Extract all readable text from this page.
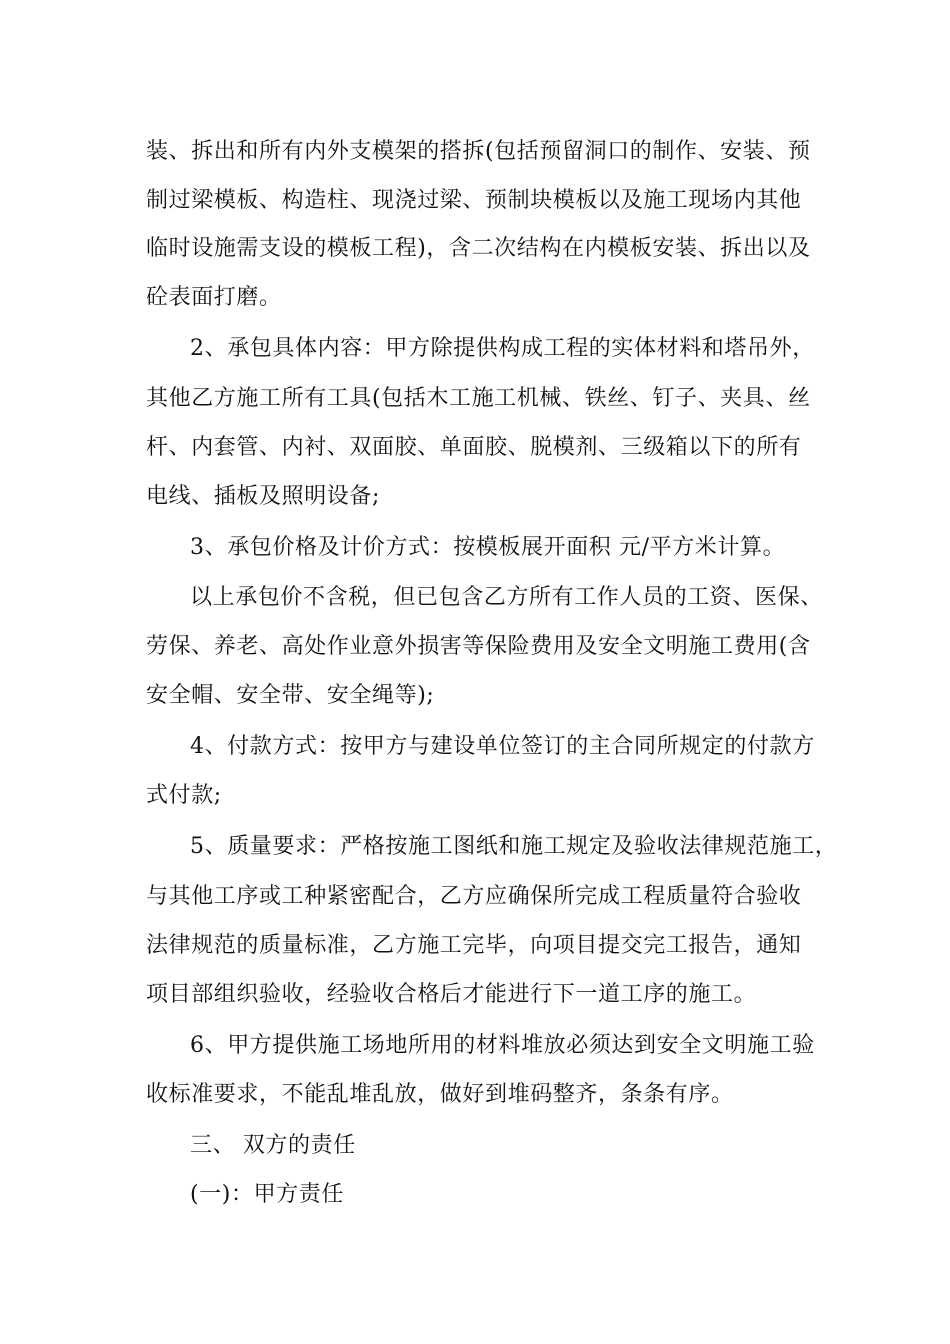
装、拆出和所有内外支模架的搭拆(包括预留洞口的制作、安装、预
制过梁模板、构造柱、现浇过梁、预制块模板以及施工现场内其他
临时设施需支设的模板工程)，含二次结构在内模板安装、拆出以及
砼表面打磨。
2、承包具体内容：甲方除提供构成工程的实体材料和塔吊外，
其他乙方施工所有工具(包括木工施工机械、铁丝、钉子、夹具、丝
杆、内套管、内衬、双面胶、单面胶、脱模剂、三级箱以下的所有
电线、插板及照明设备;
3、承包价格及计价方式：按模板展开面积 元/平方米计算。
以上承包价不含税，但已包含乙方所有工作人员的工资、医保、
劳保、养老、高处作业意外损害等保险费用及安全文明施工费用(含
安全帽、安全带、安全绳等);
4、付款方式：按甲方与建设单位签订的主合同所规定的付款方
式付款;
5、质量要求：严格按施工图纸和施工规定及验收法律规范施工，
与其他工序或工种紧密配合，乙方应确保所完成工程质量符合验收
法律规范的质量标准，乙方施工完毕，向项目提交完工报告，通知
项目部组织验收，经验收合格后才能进行下一道工序的施工。
6、甲方提供施工场地所用的材料堆放必须达到安全文明施工验
收标准要求，不能乱堆乱放，做好到堆码整齐，条条有序。
三、 双方的责任
(一)：甲方责任
